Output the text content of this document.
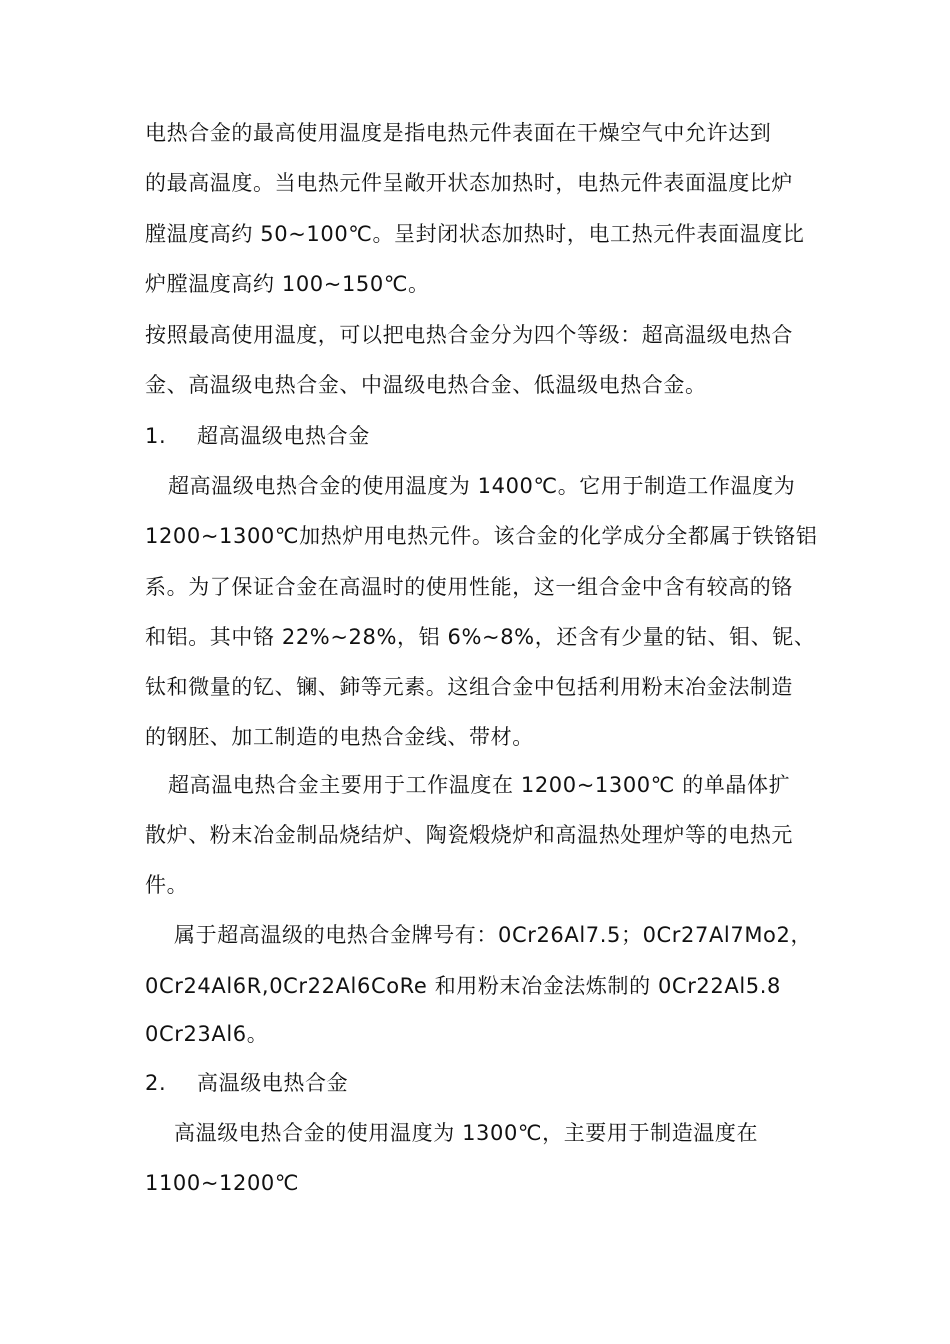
电热合金的最高使用温度是指电热元件表面在干燥空气中允许达到
的最高温度。当电热元件呈敞开状态加热时，电热元件表面温度比炉
膛温度高约 50~100℃。呈封闭状态加热时，电工热元件表面温度比
炉膛温度高约 100~150℃。
按照最高使用温度，可以把电热合金分为四个等级：超高温级电热合
金、高温级电热合金、中温级电热合金、低温级电热合金。
1. 超高温级电热合金
超高温级电热合金的使用温度为 1400℃。它用于制造工作温度为
1200~1300℃加热炉用电热元件。该合金的化学成分全都属于铁铬铝
系。为了保证合金在高温时的使用性能，这一组合金中含有较高的铬
和铝。其中铬 22%~28%，铝 6%~8%，还含有少量的钴、钼、铌、
钛和微量的钇、镧、鈰等元素。这组合金中包括利用粉末冶金法制造
的钢胚、加工制造的电热合金线、带材。
超高温电热合金主要用于工作温度在 1200~1300℃ 的单晶体扩
散炉、粉末冶金制品烧结炉、陶瓷煅烧炉和高温热处理炉等的电热元
件。
属于超高温级的电热合金牌号有：0Cr26Al7.5；0Cr27Al7Mo2，
0Cr24Al6R,0Cr22Al6CoRe 和用粉末冶金法炼制的 0Cr22Al5.8
0Cr23Al6。
2. 高温级电热合金
高温级电热合金的使用温度为 1300℃，主要用于制造温度在
1100~1200℃
